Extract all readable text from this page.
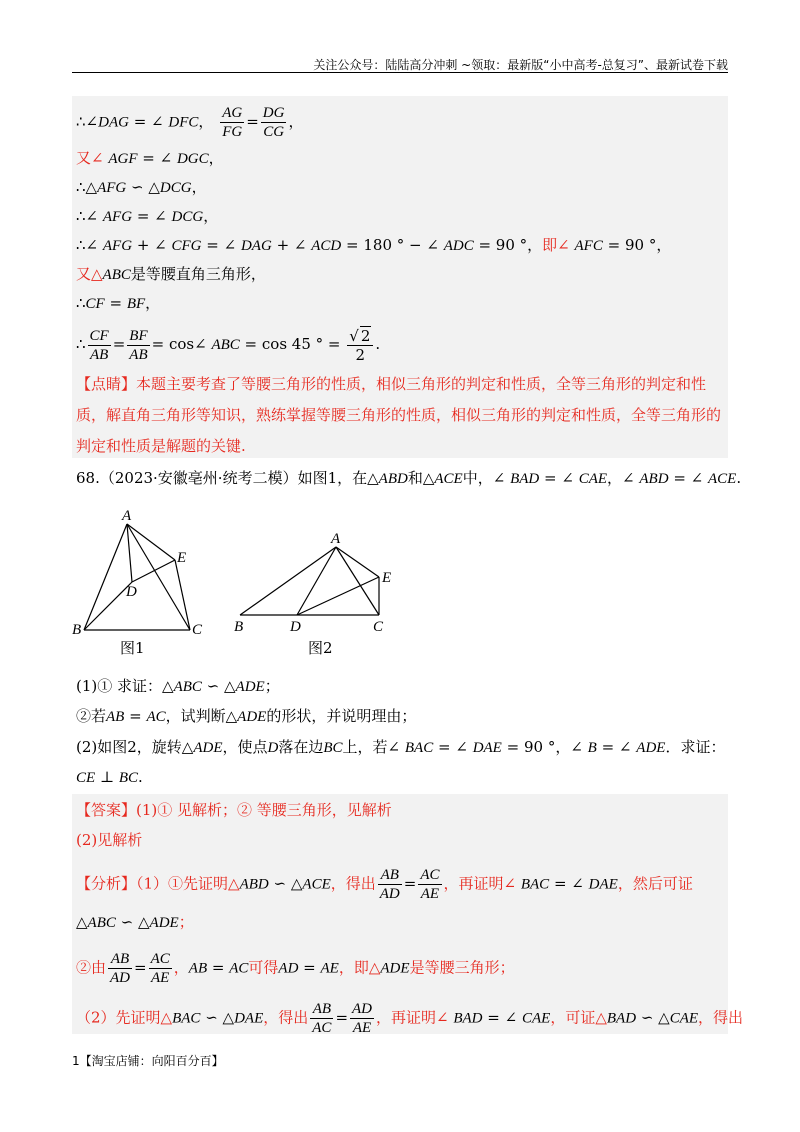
关注公众号：陆陆高分冲刺 ~领取：最新版“小中高考-总复习”、最新试卷下载
∴∠DAG = ∠ DFC， $\frac{AG}{FG} = \frac{DG}{CG}$ ，
又∠ AGF = ∠ DGC，
∴△AFG ∽ △DCG，
∴∠ AFG = ∠ DCG，
∴∠ AFG + ∠ CFG = ∠ DAG + ∠ ACD = 180 ° − ∠ ADC = 90 °，即∠ AFC = 90 °，
又△ABC是等腰直角三角形，
∴CF = BF，
∴ $\frac{CF}{AB} = \frac{BF}{AB}$ = cos∠ ABC = cos 45 ° = $\frac{√ 2}{2}$ .
【点睛】本题主要考查了等腰三角形的性质，相似三角形的判定和性质，全等三角形的判定和性质，解直角三角形等知识，熟练掌握等腰三角形的性质，相似三角形的判定和性质，全等三角形的判定和性质是解题的关键.
68.（2023·安徽亳州·统考二模）如图1，在△ABD和△ACE中，∠ BAD = ∠ CAE，∠ ABD = ∠ ACE.
A
B	C
D
E
A
B	C
D
E
图1	图2
(1)① 求证：△ABC ∽ △ADE；
②若AB = AC，试判断△ADE的形状，并说明理由；
(2)如图2，旋转△ADE，使点D落在边BC上，若∠ BAC = ∠ DAE = 90 °，∠ B = ∠ ADE．求证：
CE ⊥ BC.
【答案】(1)① 见解析；② 等腰三角形，见解析
(2)见解析
【分析】（1）①先证明△ABD ∽ △ACE，得出 $\frac{AB}{AD} = \frac{AC}{AE}$ ，再证明∠ BAC = ∠ DAE，然后可证
△ABC ∽ △ADE；
②由 $\frac{AB}{AD} = \frac{AC}{AE}$ ，AB = AC可得AD = AE，即△ADE是等腰三角形；
（2）先证明△BAC ∽ △DAE，得出 $\frac{AB}{AC} = \frac{AD}{AE}$ ，再证明∠ BAD = ∠ CAE，可证△BAD ∽ △CAE，得出
1【淘宝店铺：向阳百分百】
